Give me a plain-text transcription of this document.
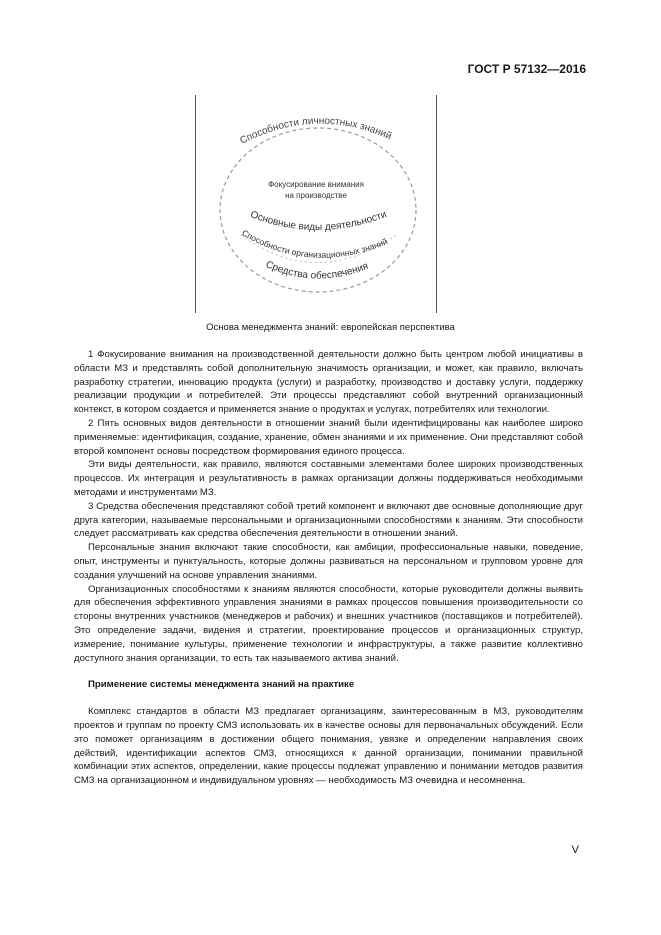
ГОСТ Р 57132—2016
Способности личностных знаний
Фокусирование внимания
на производстве
Основные виды деятельности
Способности организационных знаний
Средства обеспечения
Основа менеджмента знаний: европейская перспектива

1 Фокусирование внимания на производственной деятельности должно быть центром любой инициативы в области МЗ и представлять собой дополнительную значимость организации, и может, как правило, включать разработку стратегии, инновацию продукта (услуги) и разработку, производство и доставку услуги, поддержку реализации продукции и потребителей. Эти процессы представляют собой внутренний организационный контекст, в котором создается и применяется знание о продуктах и услугах, потребителях или технологии.

2 Пять основных видов деятельности в отношении знаний были идентифицированы как наиболее широко применяемые: идентификация, создание, хранение, обмен знаниями и их применение. Они представляют собой второй компонент основы посредством формирования единого процесса.

Эти виды деятельности, как правило, являются составными элементами более широких производственных процессов. Их интеграция и результативность в рамках организации должны поддерживаться необходимыми методами и инструментами МЗ.

3 Средства обеспечения представляют собой третий компонент и включают две основные дополняющие друг друга категории, называемые персональными и организационными способностями к знаниям. Эти способности следует рассматривать как средства обеспечения деятельности в отношении знаний.

Персональные знания включают такие способности, как амбиции, профессиональные навыки, поведение, опыт, инструменты и пунктуальность, которые должны развиваться на персональном и групповом уровне для создания улучшений на основе управления знаниями.

Организационных способностями к знаниям являются способности, которые руководители должны выявить для обеспечения эффективного управления знаниями в рамках процессов повышения производительности со стороны внутренних участников (менеджеров и рабочих) и внешних участников (поставщиков и потребителей). Это определение задачи, видения и стратегии, проектирование процессов и организационных структур, измерение, понимание культуры, применение технологии и инфраструктуры, а также развитие коллективно доступного знания организации, то есть так называемого актива знаний.

Применение системы менеджмента знаний на практике

Комплекс стандартов в области МЗ предлагает организациям, заинтересованным в МЗ, руководителям проектов и группам по проекту СМЗ использовать их в качестве основы для первоначальных обсуждений. Если это поможет организациям в достижении общего понимания, увязке и определении направления своих действий, идентификации аспектов СМЗ, относящихся к данной организации, понимании правильной комбинации этих аспектов, определении, какие процессы подлежат управлению и понимании методов развития СМЗ на организационном и индивидуальном уровнях — необходимость МЗ очевидна и несомненна.

V
